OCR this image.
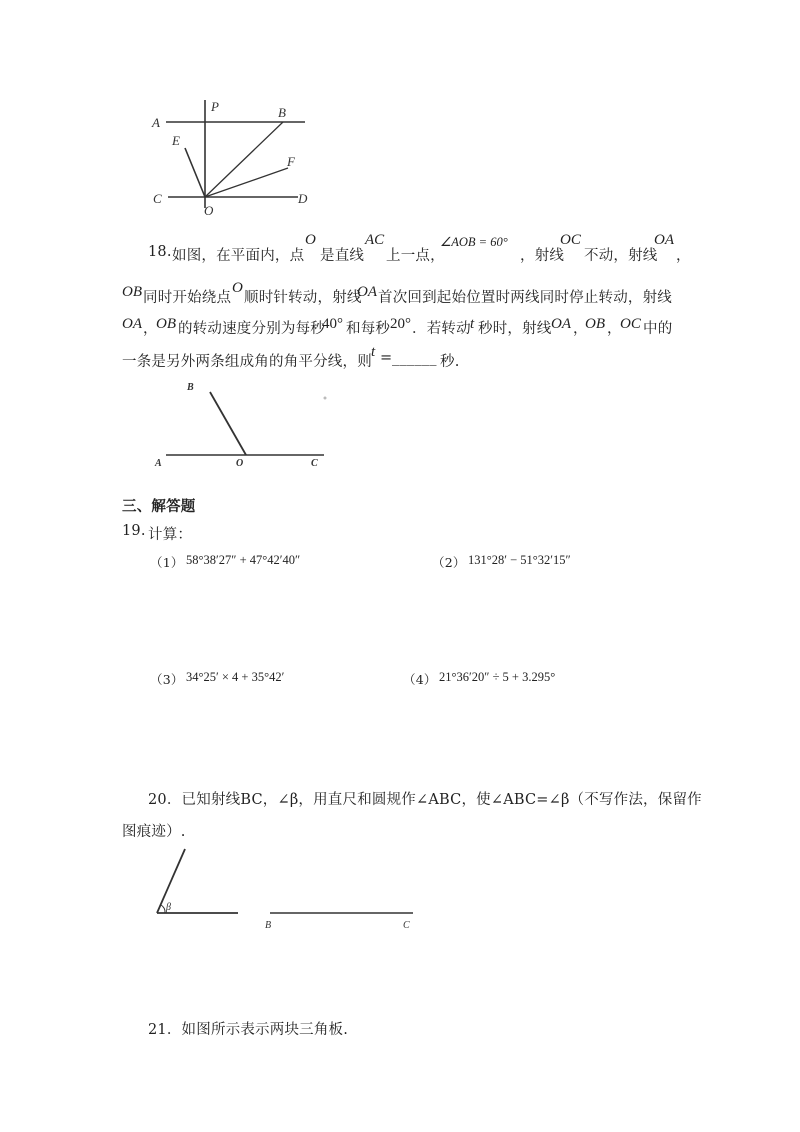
A
P	B
E
F
C
O
D
18. 如图，在平面内，点
O
是直线
AC
上一点，
∠AOB = 60°
，射线
OC
不动，射线
OA
，
OB 同时开始绕点
O
顺时针转动，射线
OA 首次回到起始位置时两线同时停止转动，射线
OA ，
OB 的转动速度分别为每秒
40° 和每秒 20° ．若转动 t 秒时，射线 OA ，
OB ，
OC 中的
一条是另外两条组成角的角平分线，则
t = ______ 秒.
B
A	O	C
三、解答题
19. 计算：
（1） 58°38′27″ + 47°42′40″	（2） 131°28′ − 51°32′15″
（3） 34°25′ × 4 + 35°42′	（4） 21°36′20″ ÷ 5 + 3.295°
20．已知射线BC，∠β，用直尺和圆规作∠ABC，使∠ABC=∠β（不写作法，保留作
图痕迹）.
β
B	C
21．如图所示表示两块三角板.
